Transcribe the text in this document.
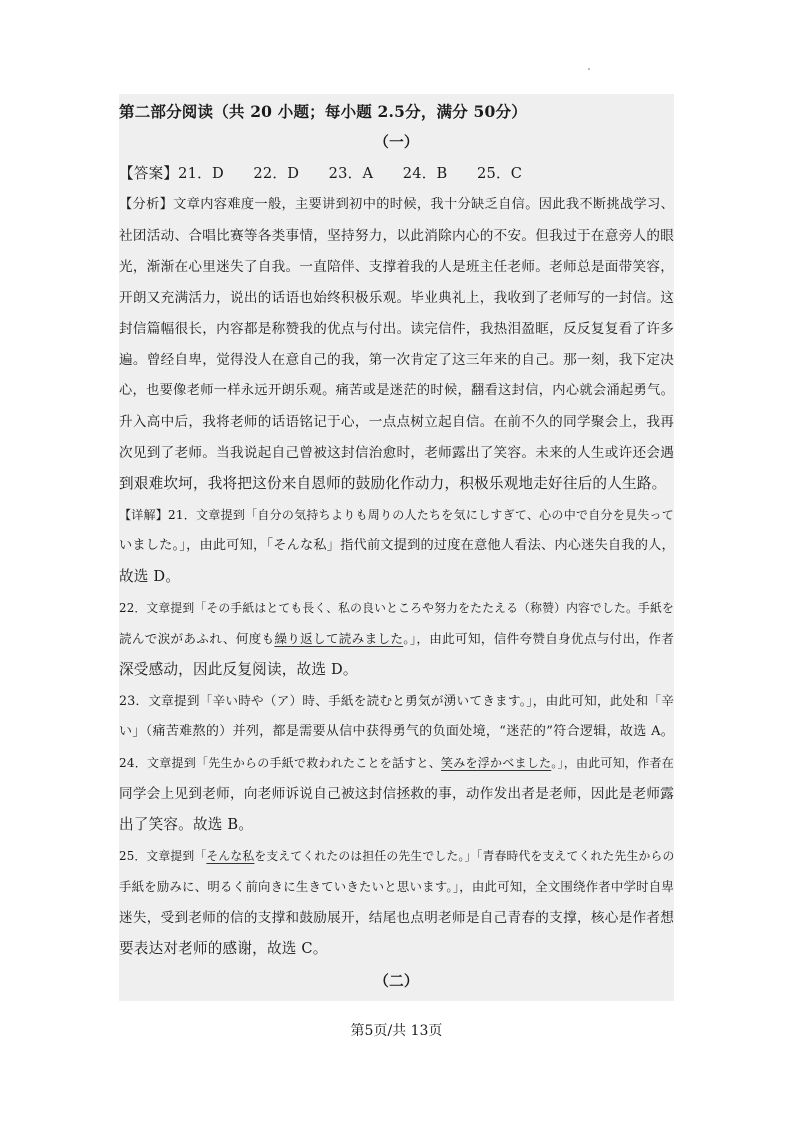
第二部分阅读（共 20 小题；每小题 2.5分，满分 50分）
（一）
【答案】21．D　　22．D　　23．A　　24．B　　25．C
【分析】文章内容难度一般，主要讲到初中的时候，我十分缺乏自信。因此我不断挑战学习、
社团活动、合唱比赛等各类事情，坚持努力，以此消除内心的不安。但我过于在意旁人的眼
光，渐渐在心里迷失了自我。一直陪伴、支撑着我的人是班主任老师。老师总是面带笑容，
开朗又充满活力，说出的话语也始终积极乐观。毕业典礼上，我收到了老师写的一封信。这
封信篇幅很长，内容都是称赞我的优点与付出。读完信件，我热泪盈眶，反反复复看了许多
遍。曾经自卑，觉得没人在意自己的我，第一次肯定了这三年来的自己。那一刻，我下定决
心，也要像老师一样永远开朗乐观。痛苦或是迷茫的时候，翻看这封信，内心就会涌起勇气。
升入高中后，我将老师的话语铭记于心，一点点树立起自信。在前不久的同学聚会上，我再
次见到了老师。当我说起自己曾被这封信治愈时，老师露出了笑容。未来的人生或许还会遇
到艰难坎坷，我将把这份来自恩师的鼓励化作动力，积极乐观地走好往后的人生路。
【详解】21．文章提到「自分の気持ちよりも周りの人たちを気にしすぎて、心の中で自分を見失って
いました。」，由此可知，「そんな私」指代前文提到的过度在意他人看法、内心迷失自我的人，
故选 D。
22．文章提到「その手紙はとても長く、私の良いところや努力をたたえる（称赞）内容でした。手紙を
読んで涙があふれ、何度も繰り返して読みました。」，由此可知，信件夸赞自身优点与付出，作者
深受感动，因此反复阅读，故选 D。
23．文章提到「辛い時や（ア）時、手紙を読むと勇気が湧いてきます。」，由此可知，此处和「辛
い」（痛苦难熬的）并列，都是需要从信中获得勇气的负面处境，“迷茫的”符合逻辑，故选 A。
24．文章提到「先生からの手紙で救われたことを話すと、笑みを浮かべました。」，由此可知，作者在
同学会上见到老师，向老师诉说自己被这封信拯救的事，动作发出者是老师，因此是老师露
出了笑容。故选 B。
25．文章提到「そんな私を支えてくれたのは担任の先生でした。」「青春時代を支えてくれた先生からの
手紙を励みに、明るく前向きに生きていきたいと思います。」，由此可知，全文围绕作者中学时自卑
迷失，受到老师的信的支撑和鼓励展开，结尾也点明老师是自己青春的支撑，核心是作者想
要表达对老师的感谢，故选 C。
（二）
第5页/共 13页
